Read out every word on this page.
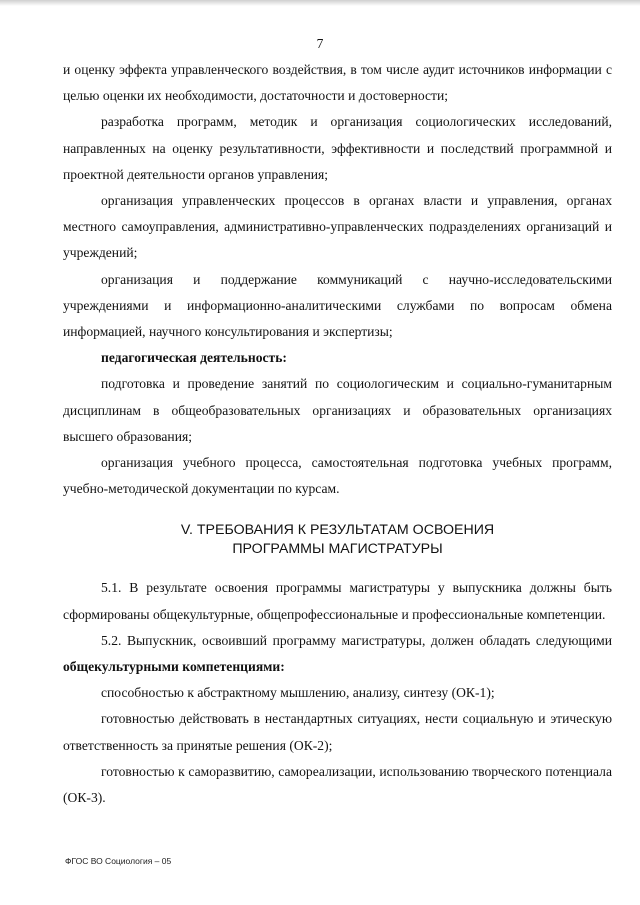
7

и оценку эффекта управленческого воздействия, в том числе аудит источников информации с целью оценки их необходимости, достаточности и достоверности;

разработка программ, методик и организация социологических исследований, направленных на оценку результативности, эффективности и последствий программной и проектной деятельности органов управления;

организация управленческих процессов в органах власти и управления, органах местного самоуправления, административно-управленческих подразделениях организаций и учреждений;

организация и поддержание коммуникаций с научно-исследовательскими учреждениями и информационно-аналитическими службами по вопросам обмена информацией, научного консультирования и экспертизы;

педагогическая деятельность:

подготовка и проведение занятий по социологическим и социально-гуманитарным дисциплинам в общеобразовательных организациях и образовательных организациях высшего образования;

организация учебного процесса, самостоятельная подготовка учебных программ, учебно-методической документации по курсам.

V. ТРЕБОВАНИЯ К РЕЗУЛЬТАТАМ ОСВОЕНИЯ
ПРОГРАММЫ МАГИСТРАТУРЫ

5.1. В результате освоения программы магистратуры у выпускника должны быть сформированы общекультурные, общепрофессиональные и профессиональные компетенции.

5.2. Выпускник, освоивший программу магистратуры, должен обладать следующими общекультурными компетенциями:

способностью к абстрактному мышлению, анализу, синтезу (ОК-1);

готовностью действовать в нестандартных ситуациях, нести социальную и этическую ответственность за принятые решения (ОК-2);

готовностью к саморазвитию, самореализации, использованию творческого потенциала (ОК-3).

ФГОС ВО Социология – 05
